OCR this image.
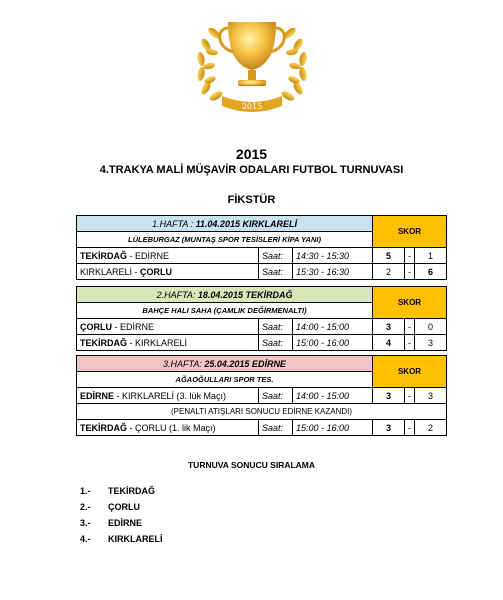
2015
2015
4.TRAKYA MALİ MÜŞAVİR ODALARI FUTBOL TURNUVASI
FİKSTÜR
1.HAFTA : 11.04.2015 KIRKLARELİ			SKOR		
LÜLEBURGAZ (MUNTAŞ SPOR TESİSLERİ KİPA YANI)					
TEKİRDAĞ - EDİRNE	Saat:	14:30 - 15:30	5	-	1
KIRKLARELİ - ÇORLU	Saat:	15:30 - 16:30	2	-	6
2.HAFTA: 18.04.2015 TEKİRDAĞ			SKOR		
BAHÇE HALI SAHA (ÇAMLIK DEĞİRMENALTI)					
ÇORLU - EDİRNE	Saat:	14:00 - 15:00	3	-	0
TEKİRDAĞ - KIRKLARELİ	Saat:	15:00 - 16:00	4	-	3
3.HAFTA: 25.04.2015 EDİRNE			SKOR		
AĞAOĞULLARI SPOR TES.					
EDİRNE - KIRKLARELİ (3. lük Maçı)	Saat:	14:00 - 15:00	3	-	3
(PENALTI ATIŞLARI SONUCU EDİRNE KAZANDI)					
TEKİRDAĞ - ÇORLU (1. lik Maçı)	Saat:	15:00 - 16:00	3	-	2
TURNUVA SONUCU SIRALAMA
1.- TEKİRDAĞ
2.- ÇORLU
3.- EDİRNE
4.- KIRKLARELİ
